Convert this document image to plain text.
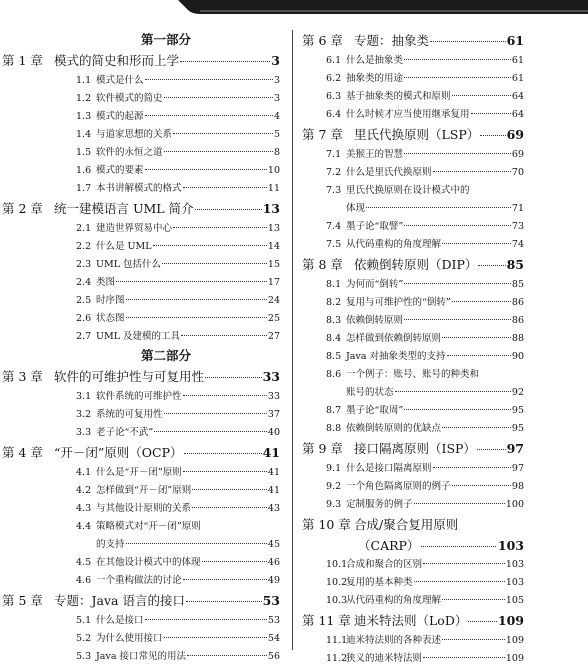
第一部分
第 1 章 模式的简史和形而上学	3
1.1 模式是什么	3
1.2 软件模式的简史	3
1.3 模式的起源	4
1.4 与道家思想的关系	5
1.5 软件的永恒之道	8
1.6 模式的要素	10
1.7 本书讲解模式的格式	11
第 2 章 统一建模语言 UML 简介	13
2.1 建造世界贸易中心	13
2.2 什么是 UML	14
2.3 UML 包括什么	15
2.4 类图	17
2.5 时序图	24
2.6 状态图	25
2.7 UML 及建模的工具	27
第二部分
第 3 章 软件的可维护性与可复用性	33
3.1 软件系统的可维护性	33
3.2 系统的可复用性	37
3.3 老子论“不武”	40
第 4 章 “开－闭”原则（OCP）	41
4.1 什么是“开－闭”原则	41
4.2 怎样做到“开－闭”原则	41
4.3 与其他设计原则的关系	43
4.4 策略模式对“开－闭”原则
的支持	45
4.5 在其他设计模式中的体现	46
4.6 一个重构做法的讨论	49
第 5 章 专题：Java 语言的接口	53
5.1 什么是接口	53
5.2 为什么使用接口	54
5.3 Java 接口常见的用法	56
第 6 章 专题：抽象类	61
6.1 什么是抽象类	61
6.2 抽象类的用途	61
6.3 基于抽象类的模式和原则	64
6.4 什么时候才应当使用继承复用	64
第 7 章 里氏代换原则（LSP） 69
7.1 美猴王的智慧	69
7.2 什么是里氏代换原则	70
7.3 里氏代换原则在设计模式中的
体现	71
7.4 墨子论“取譬”	73
7.5 从代码重构的角度理解	74
第 8 章 依赖倒转原则（DIP） 85
8.1 为何而“倒转”	85
8.2 复用与可维护性的“倒转”	86
8.3 依赖倒转原则	86
8.4 怎样做到依赖倒转原则	88
8.5 Java 对抽象类型的支持	90
8.6 一个例子：账号、账号的种类和
账号的状态	92
8.7 墨子论“取周”	95
8.8 依赖倒转原则的优缺点	95
第 9 章 接口隔离原则（ISP） 97
9.1 什么是接口隔离原则	97
9.2 一个角色隔离原则的例子	98
9.3 定制服务的例子	100
第 10 章 合成/聚合复用原则
（CARP）	103
10.1
合成和聚合的区别	103
10.2
复用的基本种类	103
10.3
从代码重构的角度理解	105
第 11 章 迪米特法则（LoD） 109
11.1
迪米特法则的各种表述	109
11.2
狭义的迪米特法则	109
